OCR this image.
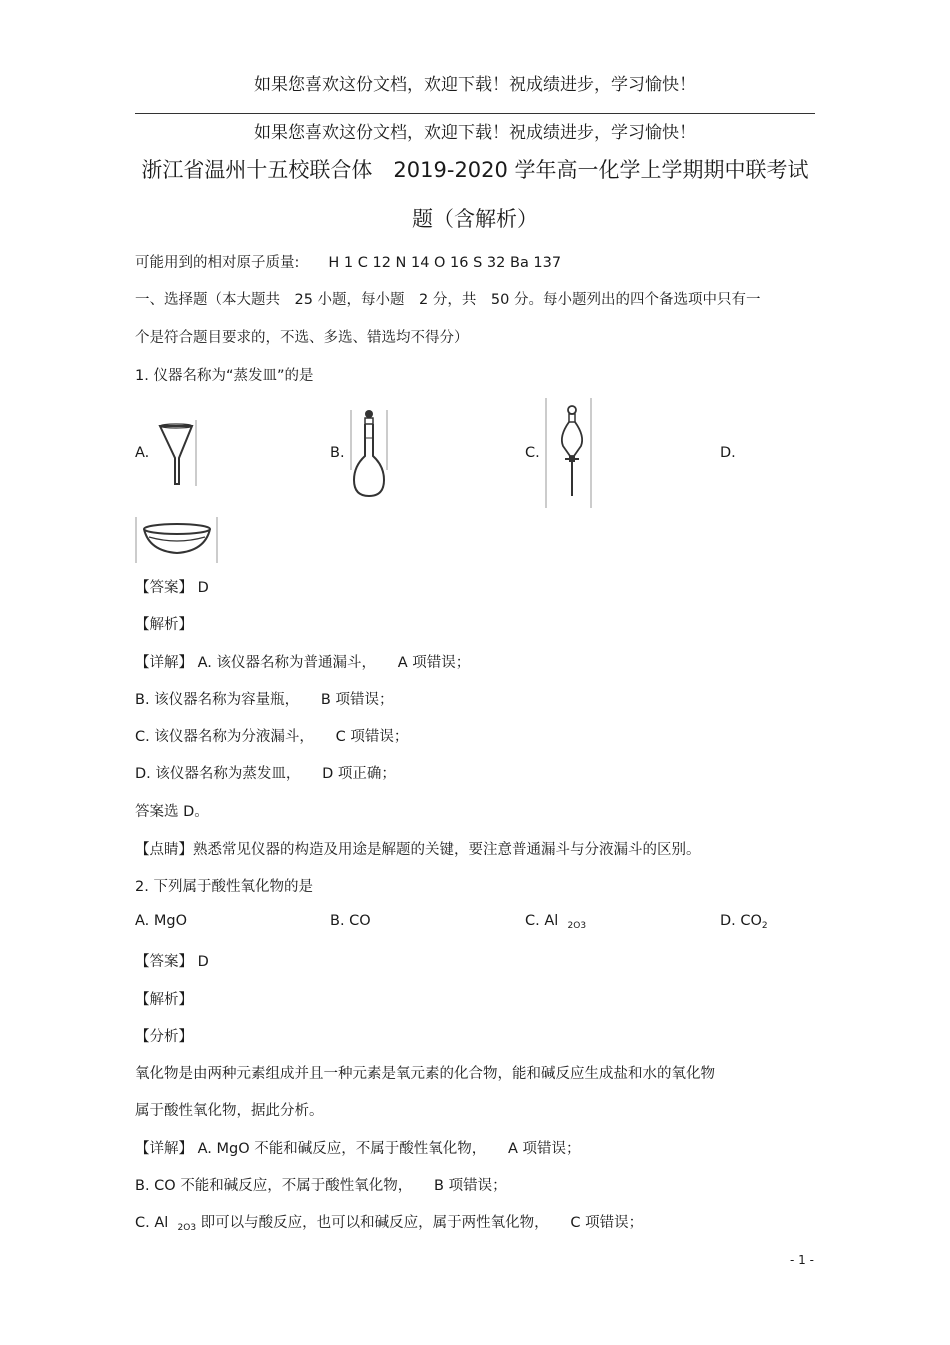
如果您喜欢这份文档，欢迎下载！祝成绩进步，学习愉快！
如果您喜欢这份文档，欢迎下载！祝成绩进步，学习愉快！
浙江省温州十五校联合体　2019-2020 学年高一化学上学期期中联考试
题（含解析）
可能用到的相对原子质量:　　H 1 C 12 N 14 O 16 S 32 Ba 137
一、选择题（本大题共　25 小题，每小题　2 分，共　50 分。每小题列出的四个备选项中只有一
个是符合题目要求的，不选、多选、错选均不得分）
1. 仪器名称为“蒸发皿”的是
A.	B.	C.	D.
【答案】 D
【解析】
【详解】 A. 该仪器名称为普通漏斗，　　A 项错误；
B. 该仪器名称为容量瓶，　　B 项错误；
C. 该仪器名称为分液漏斗，　　C 项错误；
D. 该仪器名称为蒸发皿，　　D 项正确；
答案选 D。
【点睛】熟悉常见仪器的构造及用途是解题的关键，要注意普通漏斗与分液漏斗的区别。
2. 下列属于酸性氧化物的是
A. MgO	B. CO	C. Al $_{2O3}$	D. $CO_2$
【答案】 D
【解析】
【分析】
氧化物是由两种元素组成并且一种元素是氧元素的化合物，能和碱反应生成盐和水的氧化物
属于酸性氧化物，据此分析。
【详解】 A. MgO 不能和碱反应，不属于酸性氧化物，　　A 项错误；
B. CO 不能和碱反应，不属于酸性氧化物，　　B 项错误；
C. Al $_{2O3}$ 即可以与酸反应，也可以和碱反应，属于两性氧化物，　　C 项错误；
- 1 -
